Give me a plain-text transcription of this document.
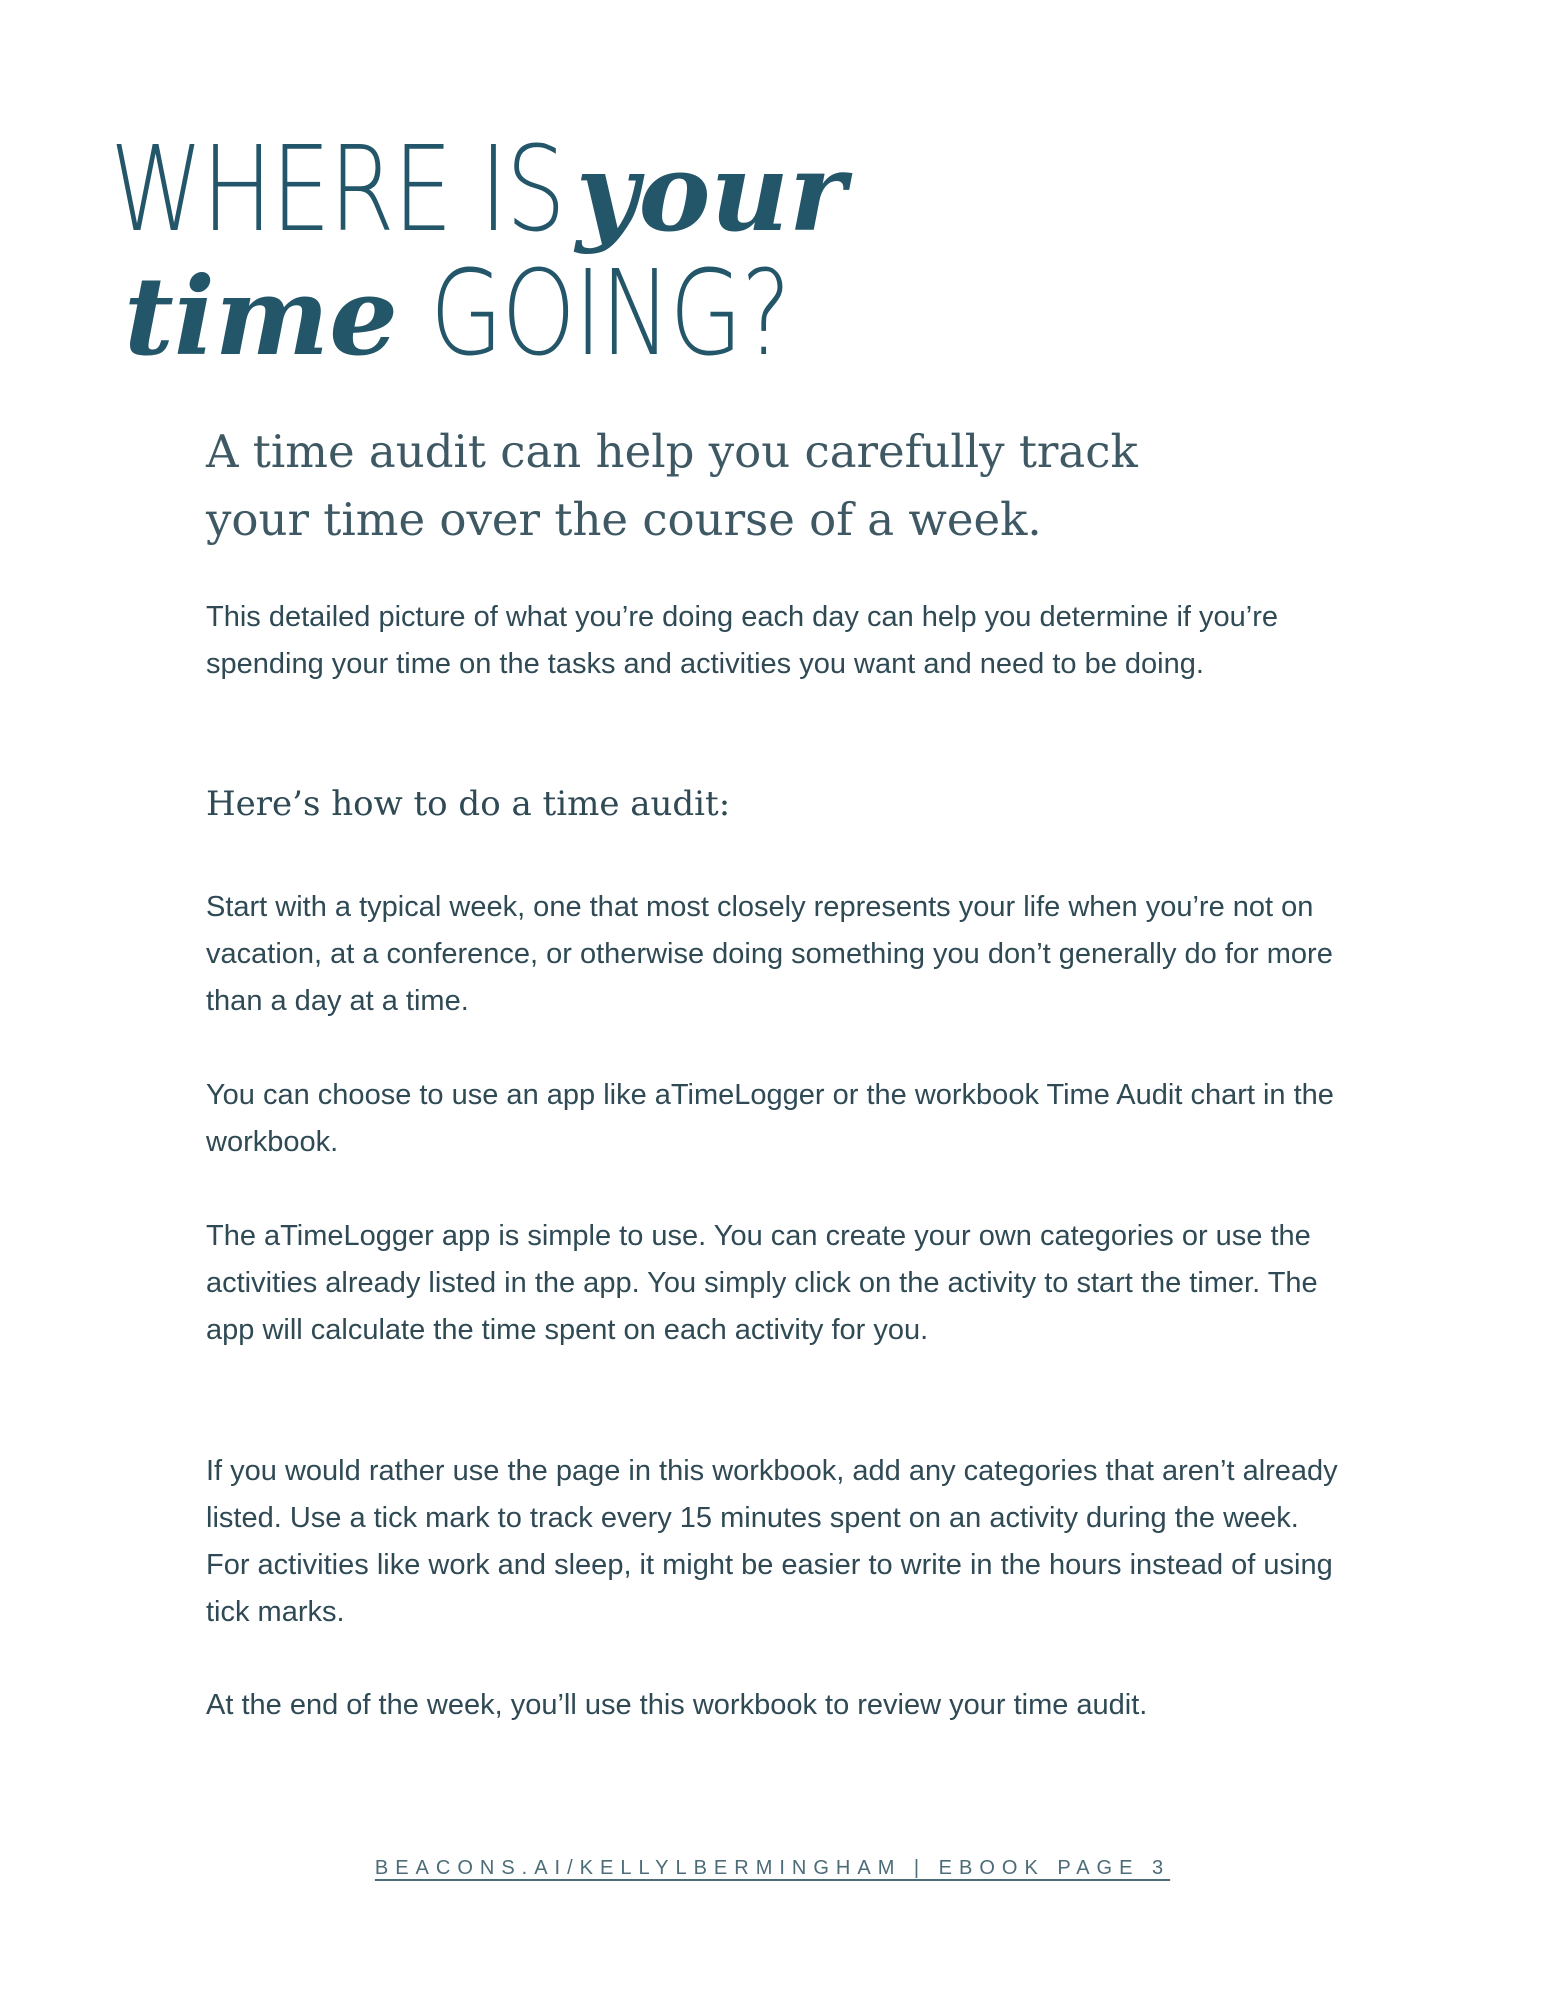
WHERE IS your
time GOING?
A time audit can help you carefully track
your time over the course of a week.

This detailed picture of what you’re doing each day can help you determine if you’re spending your time on the tasks and activities you want and need to be doing.

Here’s how to do a time audit:

Start with a typical week, one that most closely represents your life when you’re not on vacation, at a conference, or otherwise doing something you don’t generally do for more than a day at a time.

You can choose to use an app like aTimeLogger or the workbook Time Audit chart in the workbook.

The aTimeLogger app is simple to use. You can create your own categories or use the activities already listed in the app. You simply click on the activity to start the timer. The app will calculate the time spent on each activity for you.

If you would rather use the page in this workbook, add any categories that aren’t already listed. Use a tick mark to track every 15 minutes spent on an activity during the week. For activities like work and sleep, it might be easier to write in the hours instead of using tick marks.

At the end of the week, you’ll use this workbook to review your time audit.

BEACONS.AI/KELLYLBERMINGHAM | EBOOK PAGE 3
